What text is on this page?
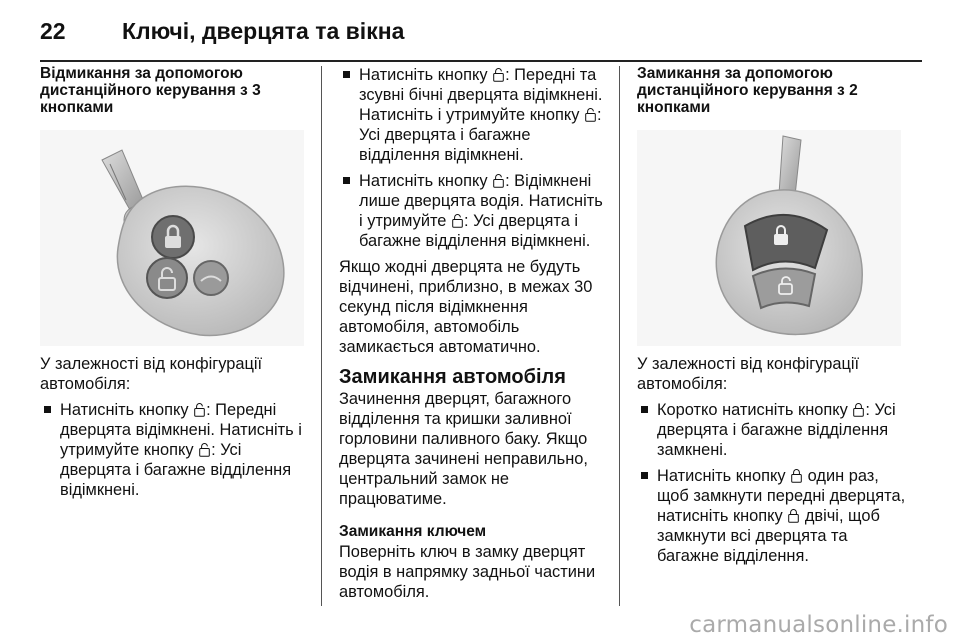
22 Ключі, дверцята та вікна
Відмикання за допомогою дистанційного керування з 3 кнопками

У залежності від конфігурації автомобіля:

Натисніть кнопку : Передні дверцята відімкнені. Натисніть і утримуйте кнопку : Усі дверцята і багажне відділення відімкнені.
Натисніть кнопку : Передні та зсувні бічні дверцята відімкнені. Натисніть і утримуйте кнопку : Усі дверцята і багажне відділення відімкнені.
Натисніть кнопку : Відімкнені лише дверцята водія. Натисніть і утримуйте : Усі дверцята і багажне відділення відімкнені.

Якщо жодні дверцята не будуть відчинені, приблизно, в межах 30 секунд після відімкнення автомобіля, автомобіль замикається автоматично.

Замикання автомобіля

Зачинення дверцят, багажного відділення та кришки заливної горловини паливного баку. Якщо дверцята зачинені неправильно, центральний замок не працюватиме.

Замикання ключем

Поверніть ключ в замку дверцят водія в напрямку задньої частини автомобіля.

Замикання за допомогою дистанційного керування з 2 кнопками

У залежності від конфігурації автомобіля:

Коротко натисніть кнопку : Усі дверцята і багажне відділення замкнені.
Натисніть кнопку один раз, щоб замкнути передні дверцята, натисніть кнопку двічі, щоб замкнути всі дверцята та багажне відділення.
carmanualsonline.info
